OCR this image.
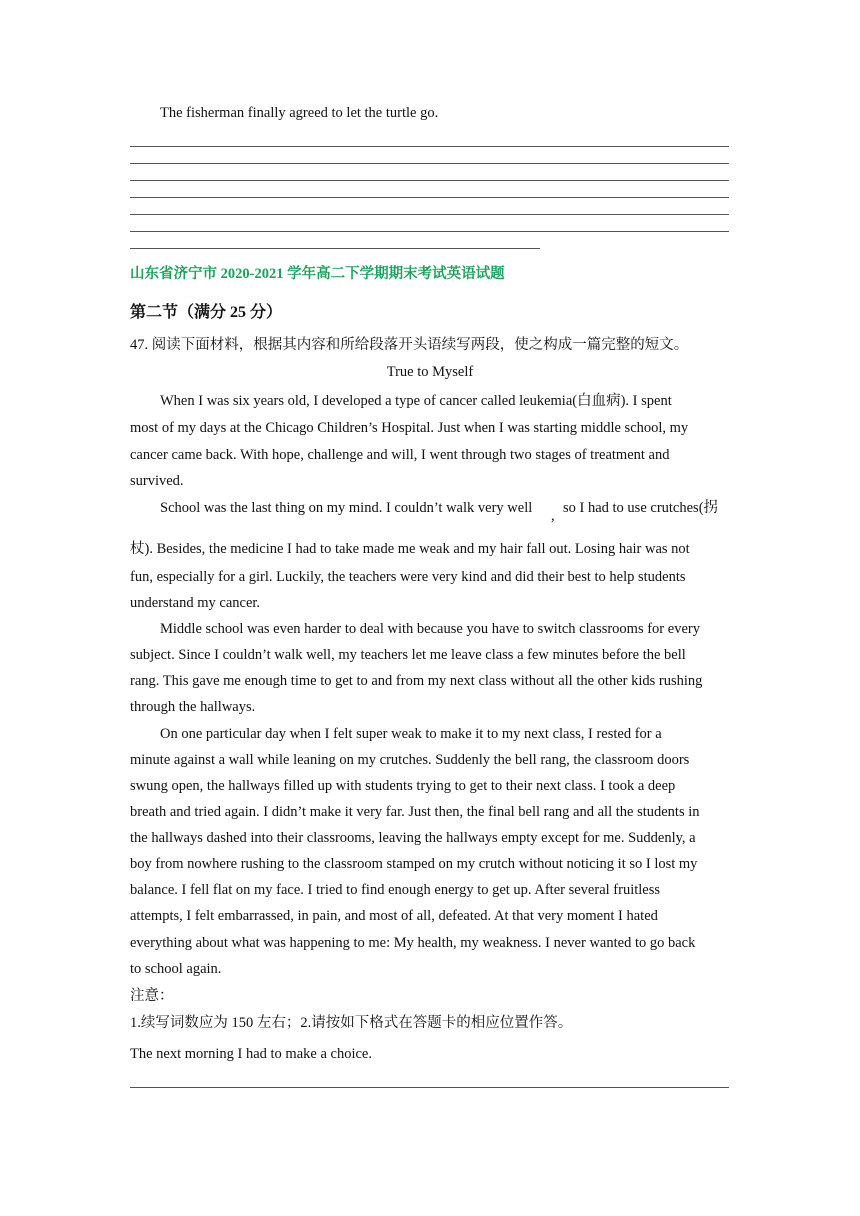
The fisherman finally agreed to let the turtle go.
山东省济宁市 2020-2021 学年高二下学期期末考试英语试题
第二节（满分 25 分）
47. 阅读下面材料，根据其内容和所给段落开头语续写两段，使之构成一篇完整的短文。
True to Myself
When I was six years old, I developed a type of cancer called leukemia(白血病). I spent
most of my days at the Chicago Children’s Hospital. Just when I was starting middle school, my
cancer came back. With hope, challenge and will, I went through two stages of treatment and
survived.
School was the last thing on my mind. I couldn’t walk very well , so I had to use crutches(拐
杖). Besides, the medicine I had to take made me weak and my hair fall out. Losing hair was not
fun, especially for a girl. Luckily, the teachers were very kind and did their best to help students
understand my cancer.
Middle school was even harder to deal with because you have to switch classrooms for every
subject. Since I couldn’t walk well, my teachers let me leave class a few minutes before the bell
rang. This gave me enough time to get to and from my next class without all the other kids rushing
through the hallways.
On one particular day when I felt super weak to make it to my next class, I rested for a
minute against a wall while leaning on my crutches. Suddenly the bell rang, the classroom doors
swung open, the hallways filled up with students trying to get to their next class. I took a deep
breath and tried again. I didn’t make it very far. Just then, the final bell rang and all the students in
the hallways dashed into their classrooms, leaving the hallways empty except for me. Suddenly, a
boy from nowhere rushing to the classroom stamped on my crutch without noticing it so I lost my
balance. I fell flat on my face. I tried to find enough energy to get up. After several fruitless
attempts, I felt embarrassed, in pain, and most of all, defeated. At that very moment I hated
everything about what was happening to me: My health, my weakness. I never wanted to go back
to school again.
注意：
1.续写词数应为 150 左右；2.请按如下格式在答题卡的相应位置作答。
The next morning I had to make a choice.
